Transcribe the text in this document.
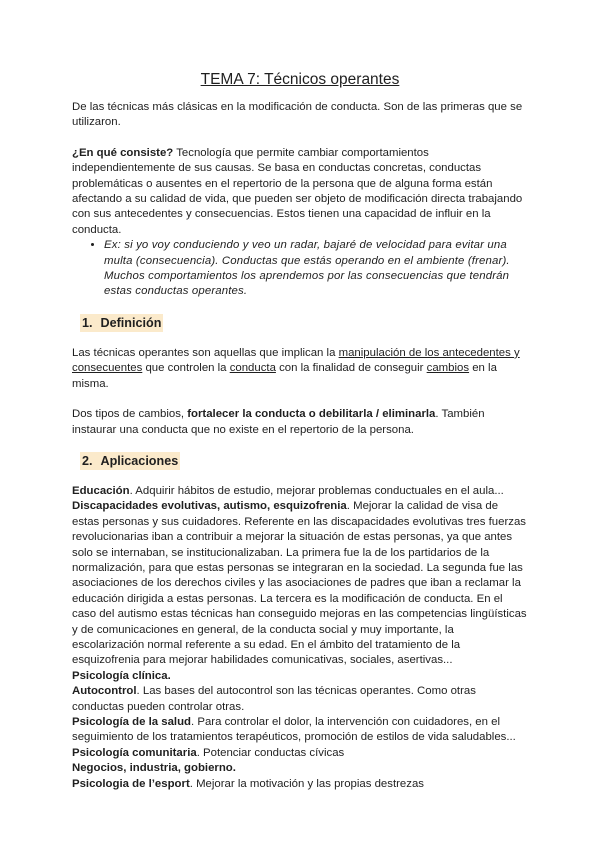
TEMA 7: Técnicos operantes

De las técnicas más clásicas en la modificación de conducta. Son de las primeras que se utilizaron.

¿En qué consiste? Tecnología que permite cambiar comportamientos independientemente de sus causas. Se basa en conductas concretas, conductas problemáticas o ausentes en el repertorio de la persona que de alguna forma están afectando a su calidad de vida, que pueden ser objeto de modificación directa trabajando con sus antecedentes y consecuencias. Estos tienen una capacidad de influir en la conducta.

• Ex: si yo voy conduciendo y veo un radar, bajaré de velocidad para evitar una multa (consecuencia). Conductas que estás operando en el ambiente (frenar). Muchos comportamientos los aprendemos por las consecuencias que tendrán estas conductas operantes.
1. Definición

Las técnicas operantes son aquellas que implican la manipulación de los antecedentes y consecuentes que controlen la conducta con la finalidad de conseguir cambios en la misma.

Dos tipos de cambios, fortalecer la conducta o debilitarla / eliminarla. También instaurar una conducta que no existe en el repertorio de la persona.

2. Aplicaciones

Educación. Adquirir hábitos de estudio, mejorar problemas conductuales en el aula...

Discapacidades evolutivas, autismo, esquizofrenia. Mejorar la calidad de visa de estas personas y sus cuidadores. Referente en las discapacidades evolutivas tres fuerzas revolucionarias iban a contribuir a mejorar la situación de estas personas, ya que antes solo se internaban, se institucionalizaban. La primera fue la de los partidarios de la normalización, para que estas personas se integraran en la sociedad. La segunda fue las asociaciones de los derechos civiles y las asociaciones de padres que iban a reclamar la educación dirigida a estas personas. La tercera es la modificación de conducta. En el caso del autismo estas técnicas han conseguido mejoras en las competencias lingüísticas y de comunicaciones en general, de la conducta social y muy importante, la escolarización normal referente a su edad. En el ámbito del tratamiento de la esquizofrenia para mejorar habilidades comunicativas, sociales, asertivas...

Psicología clínica.

Autocontrol. Las bases del autocontrol son las técnicas operantes. Como otras conductas pueden controlar otras.

Psicología de la salud. Para controlar el dolor, la intervención con cuidadores, en el seguimiento de los tratamientos terapéuticos, promoción de estilos de vida saludables...

Psicología comunitaria. Potenciar conductas cívicas

Negocios, industria, gobierno.

Psicologia de l’esport. Mejorar la motivación y las propias destrezas
